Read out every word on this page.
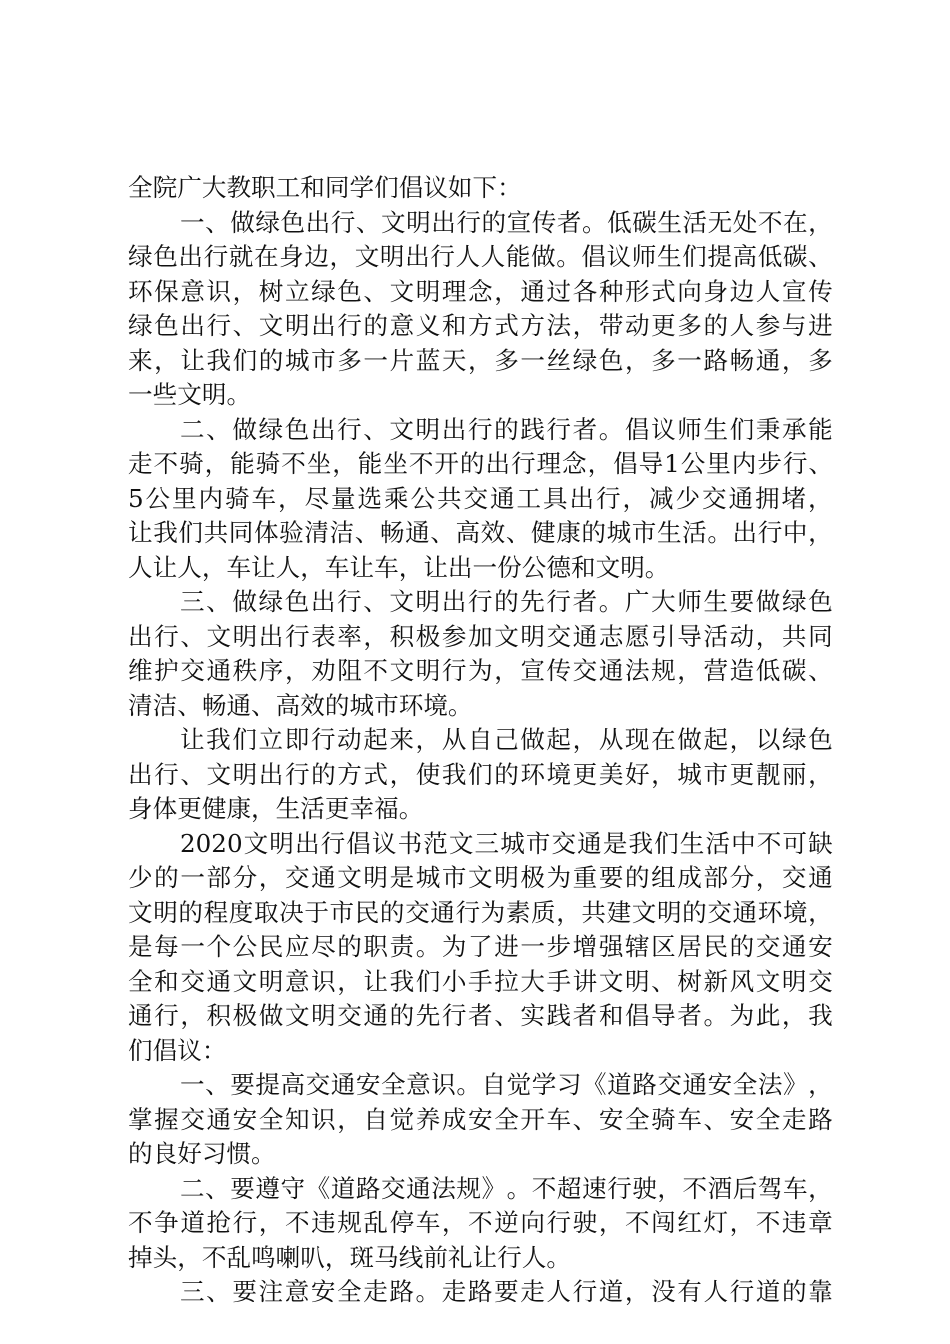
全 院 广 大 教 职 工 和 同 学 们 倡 议 如 下 ：
一 、 做 绿 色 出 行 、 文 明 出 行 的 宣 传 者 。 低 碳 生 活 无 处 不 在 ，
绿 色 出 行 就 在 身 边 ， 文 明 出 行 人 人 能 做 。 倡 议 师 生 们 提 高 低 碳 、
环 保 意 识 ， 树 立 绿 色 、 文 明 理 念 ， 通 过 各 种 形 式 向 身 边 人 宣 传
绿 色 出 行 、 文 明 出 行 的 意 义 和 方 式 方 法 ， 带 动 更 多 的 人 参 与 进
来 ， 让 我 们 的 城 市 多 一 片 蓝 天 ， 多 一 丝 绿 色 ， 多 一 路 畅 通 ， 多
一 些 文 明 。
二 、 做 绿 色 出 行 、 文 明 出 行 的 践 行 者 。 倡 议 师 生 们 秉 承 能
走 不 骑 ， 能 骑 不 坐 ， 能 坐 不 开 的 出 行 理 念 ， 倡 导 1 公 里 内 步 行 、
5 公 里 内 骑 车 ， 尽 量 选 乘 公 共 交 通 工 具 出 行 ， 减 少 交 通 拥 堵 ，
让 我 们 共 同 体 验 清 洁 、 畅 通 、 高 效 、 健 康 的 城 市 生 活 。 出 行 中 ，
人 让 人 ， 车 让 人 ， 车 让 车 ， 让 出 一 份 公 德 和 文 明 。
三 、 做 绿 色 出 行 、 文 明 出 行 的 先 行 者 。 广 大 师 生 要 做 绿 色
出 行 、 文 明 出 行 表 率 ， 积 极 参 加 文 明 交 通 志 愿 引 导 活 动 ， 共 同
维 护 交 通 秩 序 ， 劝 阻 不 文 明 行 为 ， 宣 传 交 通 法 规 ， 营 造 低 碳 、
清 洁 、 畅 通 、 高 效 的 城 市 环 境 。
让 我 们 立 即 行 动 起 来 ， 从 自 己 做 起 ， 从 现 在 做 起 ， 以 绿 色
出 行 、 文 明 出 行 的 方 式 ， 使 我 们 的 环 境 更 美 好 ， 城 市 更 靓 丽 ，
身 体 更 健 康 ， 生 活 更 幸 福 。
2020 文 明 出 行 倡 议 书 范 文 三 城 市 交 通 是 我 们 生 活 中 不 可 缺
少 的 一 部 分 ， 交 通 文 明 是 城 市 文 明 极 为 重 要 的 组 成 部 分 ， 交 通
文 明 的 程 度 取 决 于 市 民 的 交 通 行 为 素 质 ， 共 建 文 明 的 交 通 环 境 ，
是 每 一 个 公 民 应 尽 的 职 责 。 为 了 进 一 步 增 强 辖 区 居 民 的 交 通 安
全 和 交 通 文 明 意 识 ， 让 我 们 小 手 拉 大 手 讲 文 明 、 树 新 风 文 明 交
通 行 ， 积 极 做 文 明 交 通 的 先 行 者 、 实 践 者 和 倡 导 者 。 为 此 ， 我
们 倡 议 ：
一 、 要 提 高 交 通 安 全 意 识 。 自 觉 学 习 《 道 路 交 通 安 全 法 》 ，
掌 握 交 通 安 全 知 识 ， 自 觉 养 成 安 全 开 车 、 安 全 骑 车 、 安 全 走 路
的 良 好 习 惯 。
二 、 要 遵 守 《 道 路 交 通 法 规 》 。 不 超 速 行 驶 ， 不 酒 后 驾 车 ，
不 争 道 抢 行 ， 不 违 规 乱 停 车 ， 不 逆 向 行 驶 ， 不 闯 红 灯 ， 不 违 章
掉 头 ， 不 乱 鸣 喇 叭 ， 斑 马 线 前 礼 让 行 人 。
三 、 要 注 意 安 全 走 路 。 走 路 要 走 人 行 道 ， 没 有 人 行 道 的 靠
